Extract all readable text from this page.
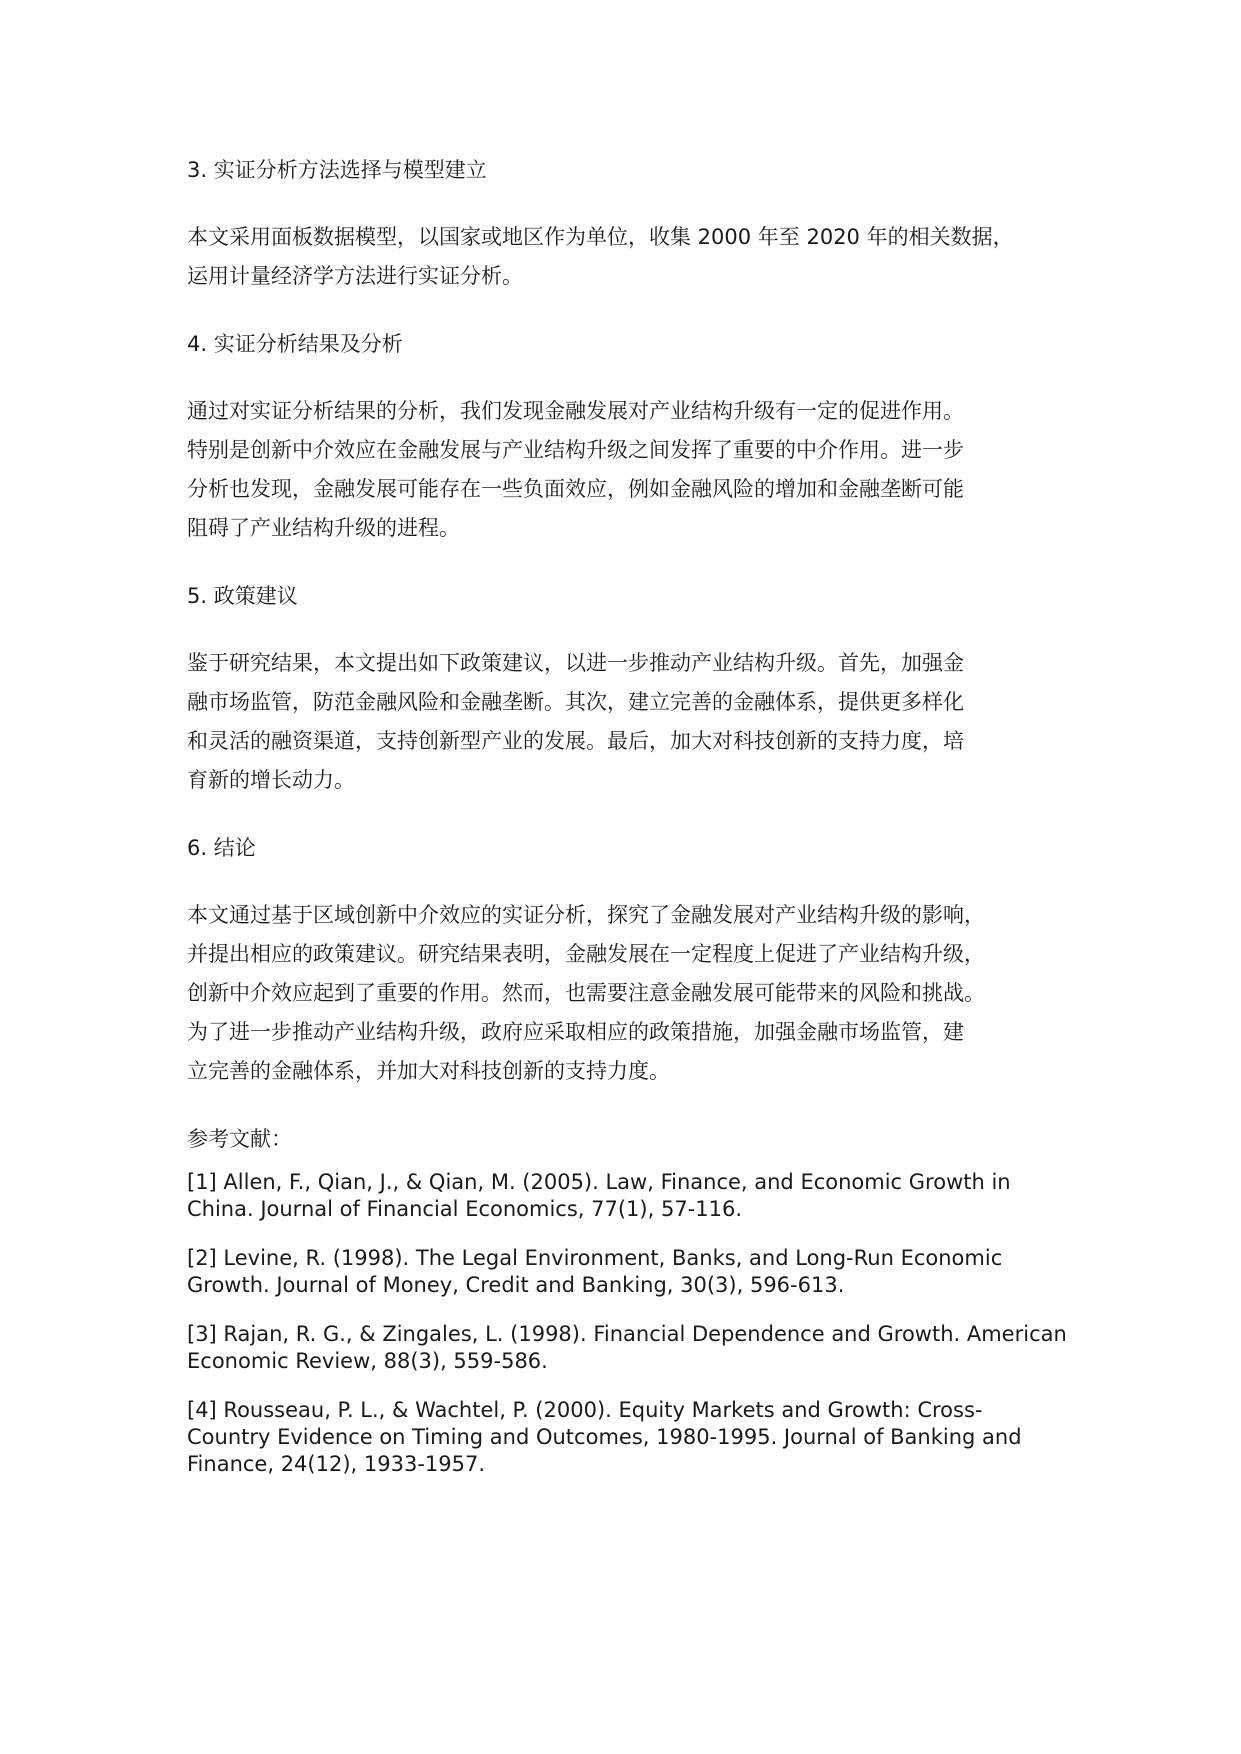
3. 实证分析方法选择与模型建立
本文采用面板数据模型，以国家或地区作为单位，收集 2000 年至 2020 年的相关数据，
运用计量经济学方法进行实证分析。
4. 实证分析结果及分析
通过对实证分析结果的分析，我们发现金融发展对产业结构升级有一定的促进作用。
特别是创新中介效应在金融发展与产业结构升级之间发挥了重要的中介作用。进一步
分析也发现，金融发展可能存在一些负面效应，例如金融风险的增加和金融垄断可能
阻碍了产业结构升级的进程。
5. 政策建议
鉴于研究结果，本文提出如下政策建议，以进一步推动产业结构升级。首先，加强金
融市场监管，防范金融风险和金融垄断。其次，建立完善的金融体系，提供更多样化
和灵活的融资渠道，支持创新型产业的发展。最后，加大对科技创新的支持力度，培
育新的增长动力。
6. 结论
本文通过基于区域创新中介效应的实证分析，探究了金融发展对产业结构升级的影响，
并提出相应的政策建议。研究结果表明，金融发展在一定程度上促进了产业结构升级，
创新中介效应起到了重要的作用。然而，也需要注意金融发展可能带来的风险和挑战。
为了进一步推动产业结构升级，政府应采取相应的政策措施，加强金融市场监管，建
立完善的金融体系，并加大对科技创新的支持力度。
参考文献：
[1] Allen, F., Qian, J., & Qian, M. (2005). Law, Finance, and Economic Growth in
China. Journal of Financial Economics, 77(1), 57-116.
[2] Levine, R. (1998). The Legal Environment, Banks, and Long-Run Economic
Growth. Journal of Money, Credit and Banking, 30(3), 596-613.
[3] Rajan, R. G., & Zingales, L. (1998). Financial Dependence and Growth. American
Economic Review, 88(3), 559-586.
[4] Rousseau, P. L., & Wachtel, P. (2000). Equity Markets and Growth: Cross-
Country Evidence on Timing and Outcomes, 1980-1995. Journal of Banking and
Finance, 24(12), 1933-1957.
